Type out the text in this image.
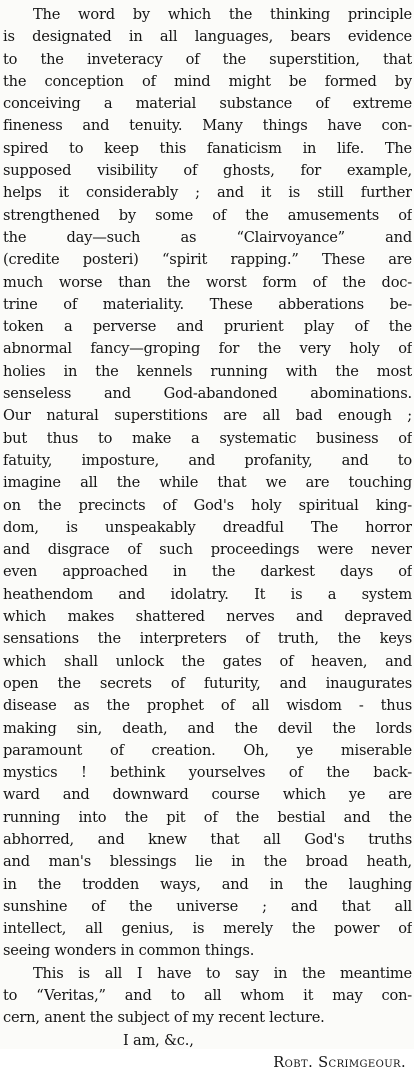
The word by which the thinking principle
is designated in all languages, bears evidence
to the inveteracy of the superstition, that
the conception of mind might be formed by
conceiving a material substance of extreme
fineness and tenuity. Many things have con-
spired to keep this fanaticism in life. The
supposed visibility of ghosts, for example,
helps it considerably ; and it is still further
strengthened by some of the amusements of
the day—such as “Clairvoyance” and
(credite posteri) “spirit rapping.” These are
much worse than the worst form of the doc-
trine of materiality. These abberations be-
token a perverse and prurient play of the
abnormal fancy—groping for the very holy of
holies in the kennels running with the most
senseless and God-abandoned abominations.
Our natural superstitions are all bad enough ;
but thus to make a systematic business of
fatuity, imposture, and profanity, and to
imagine all the while that we are touching
on the precincts of God's holy spiritual king-
dom, is unspeakably dreadful The horror
and disgrace of such proceedings were never
even approached in the darkest days of
heathendom and idolatry. It is a system
which makes shattered nerves and depraved
sensations the interpreters of truth, the keys
which shall unlock the gates of heaven, and
open the secrets of futurity, and inaugurates
disease as the prophet of all wisdom - thus
making sin, death, and the devil the lords
paramount of creation. Oh, ye miserable
mystics ! bethink yourselves of the back-
ward and downward course which ye are
running into the pit of the bestial and the
abhorred, and knew that all God's truths
and man's blessings lie in the broad heath,
in the trodden ways, and in the laughing
sunshine of the universe ; and that all
intellect, all genius, is merely the power of
seeing wonders in common things.
This is all I have to say in the meantime
to “Veritas,” and to all whom it may con-
cern, anent the subject of my recent lecture.
I am, &c.,
Robt. Scrimgeour.
